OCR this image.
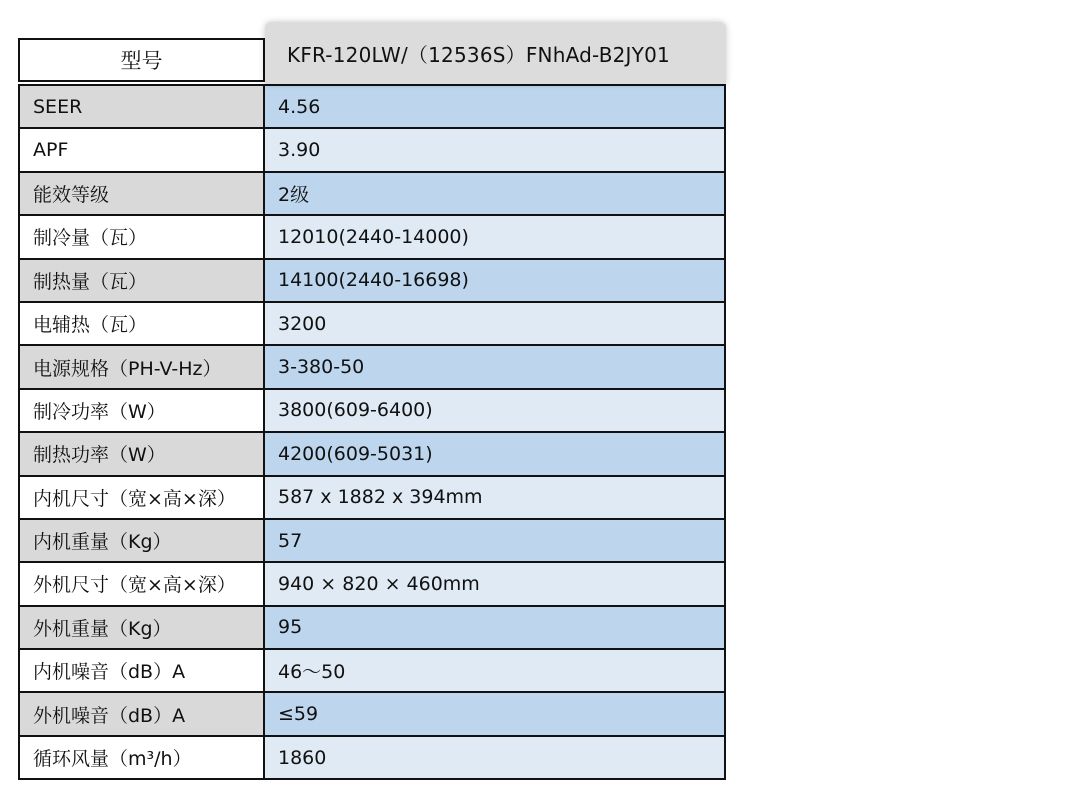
型号	KFR-120LW/（12536S）FNhAd-B2JY01
SEER	4.56
APF	3.90
能效等级	2级
制冷量（瓦）	12010(2440-14000)
制热量（瓦）	14100(2440-16698)
电辅热（瓦）	3200
电源规格（PH-V-Hz）	3-380-50
制冷功率（W）	3800(609-6400)
制热功率（W）	4200(609-5031)
内机尺寸（宽×高×深）	587 x 1882 x 394mm
内机重量（Kg）	57
外机尺寸（宽×高×深）	940 × 820 × 460mm
外机重量（Kg）	95
内机噪音（dB）A	46～50
外机噪音（dB）A	≤59
循环风量（m³/h）	1860
